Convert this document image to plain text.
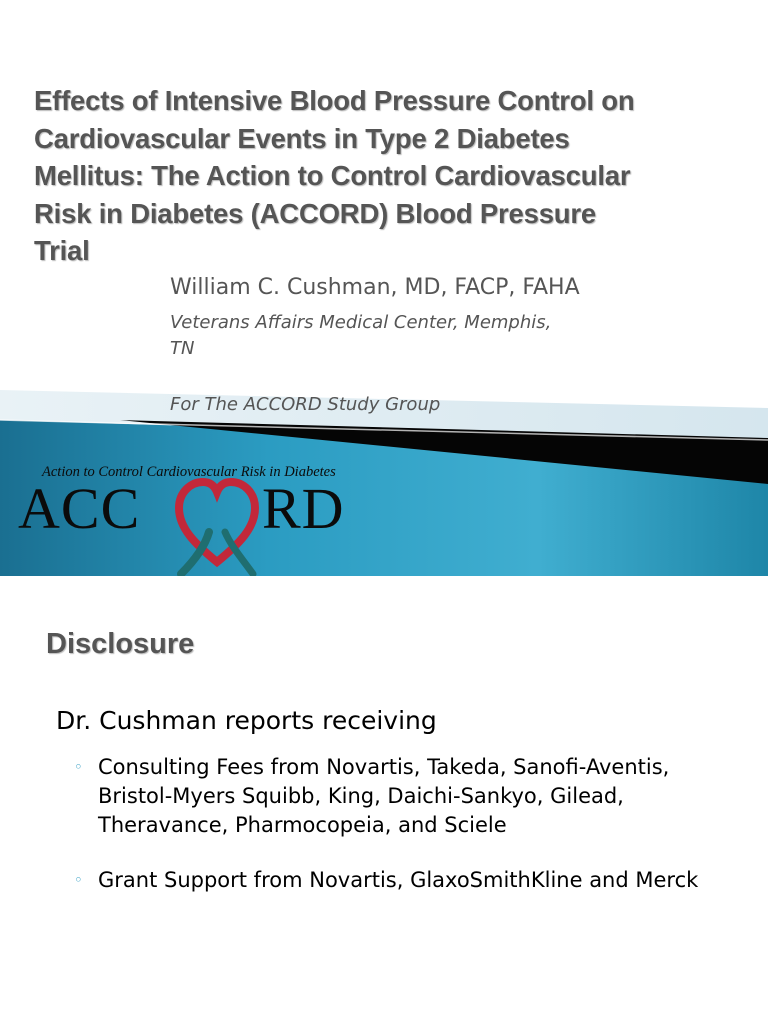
Effects of Intensive Blood Pressure Control on
Cardiovascular Events in Type 2 Diabetes
Mellitus: The Action to Control Cardiovascular
Risk in Diabetes (ACCORD) Blood Pressure
Trial
William C. Cushman, MD, FACP, FAHA
Veterans Affairs Medical Center, Memphis,
TN
For The ACCORD Study Group
Action to Control Cardiovascular Risk in Diabetes
ACC RD
Disclosure
Dr. Cushman reports receiving
◦ Consulting Fees from Novartis, Takeda, Sanofi-Aventis, Bristol-Myers Squibb, King, Daichi-Sankyo, Gilead, Theravance, Pharmocopeia, and Sciele
◦ Grant Support from Novartis, GlaxoSmithKline and Merck
